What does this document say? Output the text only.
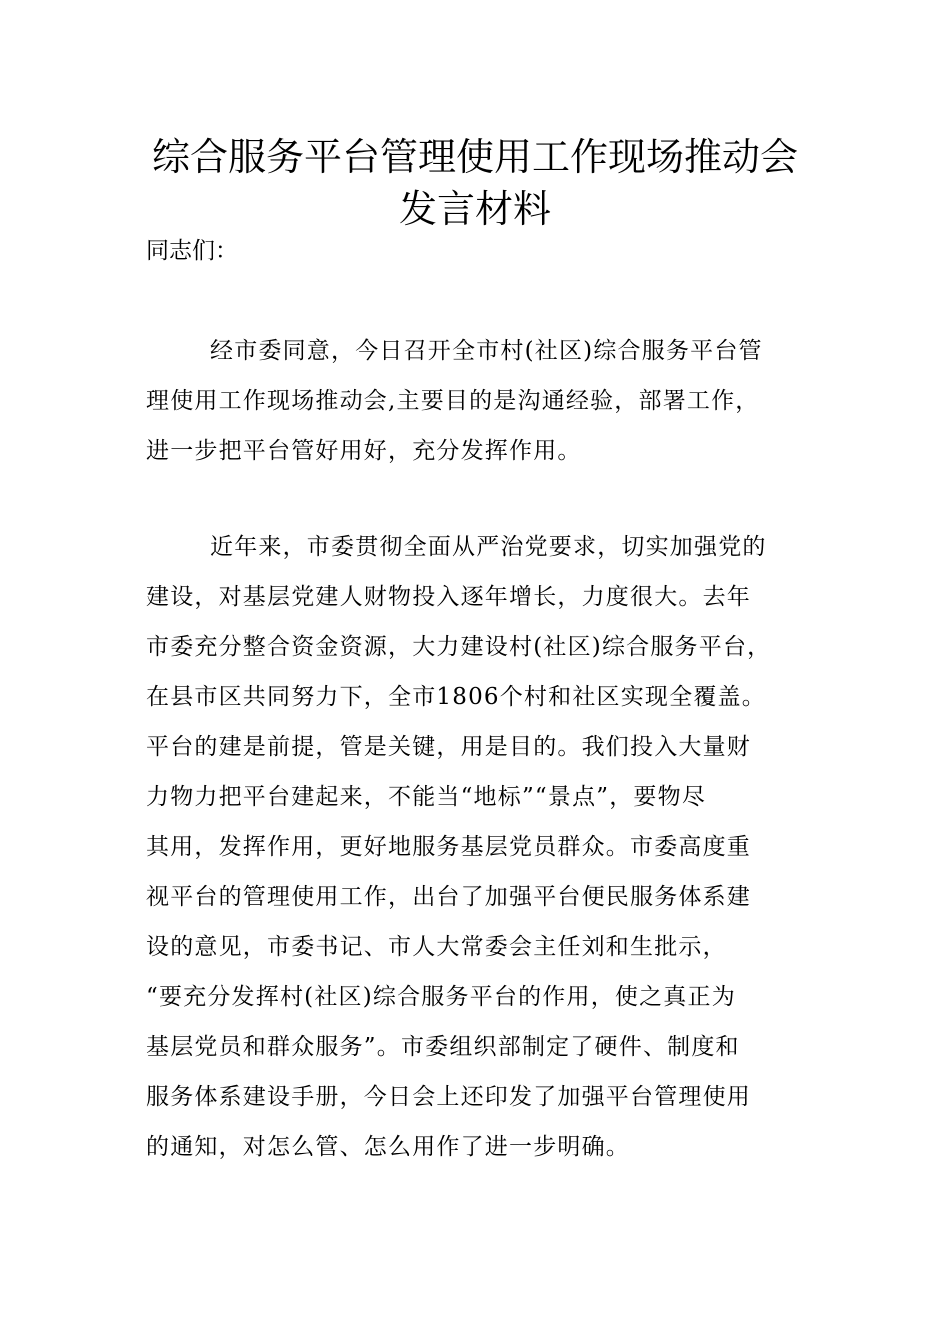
综合服务平台管理使用工作现场推动会
发言材料
同志们：
经市委同意，今日召开全市村(社区)综合服务平台管
理使用工作现场推动会,主要目的是沟通经验，部署工作，
进一步把平台管好用好，充分发挥作用。
近年来，市委贯彻全面从严治党要求，切实加强党的
建设，对基层党建人财物投入逐年增长，力度很大。去年
市委充分整合资金资源，大力建设村(社区)综合服务平台，
在县市区共同努力下，全市1806个村和社区实现全覆盖。
平台的建是前提，管是关键，用是目的。我们投入大量财
力物力把平台建起来，不能当“地标”“景点”，要物尽
其用，发挥作用，更好地服务基层党员群众。市委高度重
视平台的管理使用工作，出台了加强平台便民服务体系建
设的意见，市委书记、市人大常委会主任刘和生批示，
“要充分发挥村(社区)综合服务平台的作用，使之真正为
基层党员和群众服务”。市委组织部制定了硬件、制度和
服务体系建设手册，今日会上还印发了加强平台管理使用
的通知，对怎么管、怎么用作了进一步明确。
